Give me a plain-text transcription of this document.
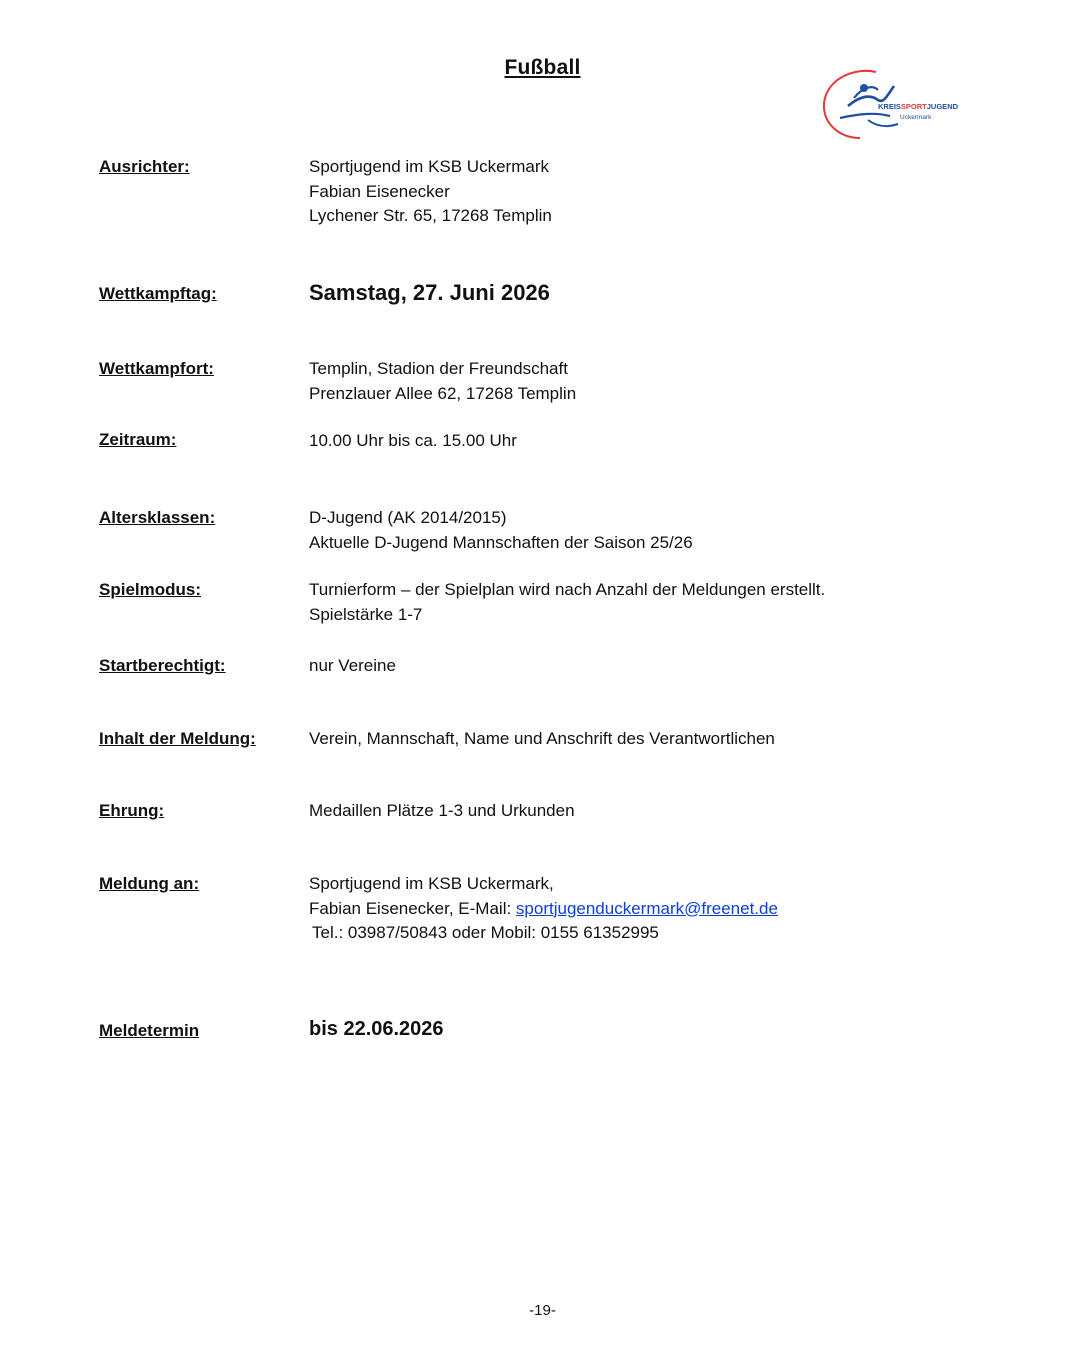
Fußball
KREISSPORTJUGEND
Uckermark
Ausrichter:	Sportjugend im KSB Uckermark
Fabian Eisenecker
Lychener Str. 65, 17268 Templin
Wettkampftag:	Samstag, 27. Juni 2026
Wettkampfort:	Templin, Stadion der Freundschaft
Prenzlauer Allee 62, 17268 Templin
Zeitraum:	10.00 Uhr bis ca. 15.00 Uhr
Altersklassen:	D-Jugend (AK 2014/2015)
Aktuelle D-Jugend Mannschaften der Saison 25/26
Spielmodus:	Turnierform – der Spielplan wird nach Anzahl der Meldungen erstellt.
Spielstärke 1-7
Startberechtigt:	nur Vereine
Inhalt der Meldung:	Verein, Mannschaft, Name und Anschrift des Verantwortlichen
Ehrung:	Medaillen Plätze 1-3 und Urkunden
Meldung an:	Sportjugend im KSB Uckermark,
Fabian Eisenecker, E-Mail: sportjugenduckermark@freenet.de
Tel.: 03987/50843 oder Mobil: 0155 61352995
Meldetermin	bis 22.06.2026
-19-
